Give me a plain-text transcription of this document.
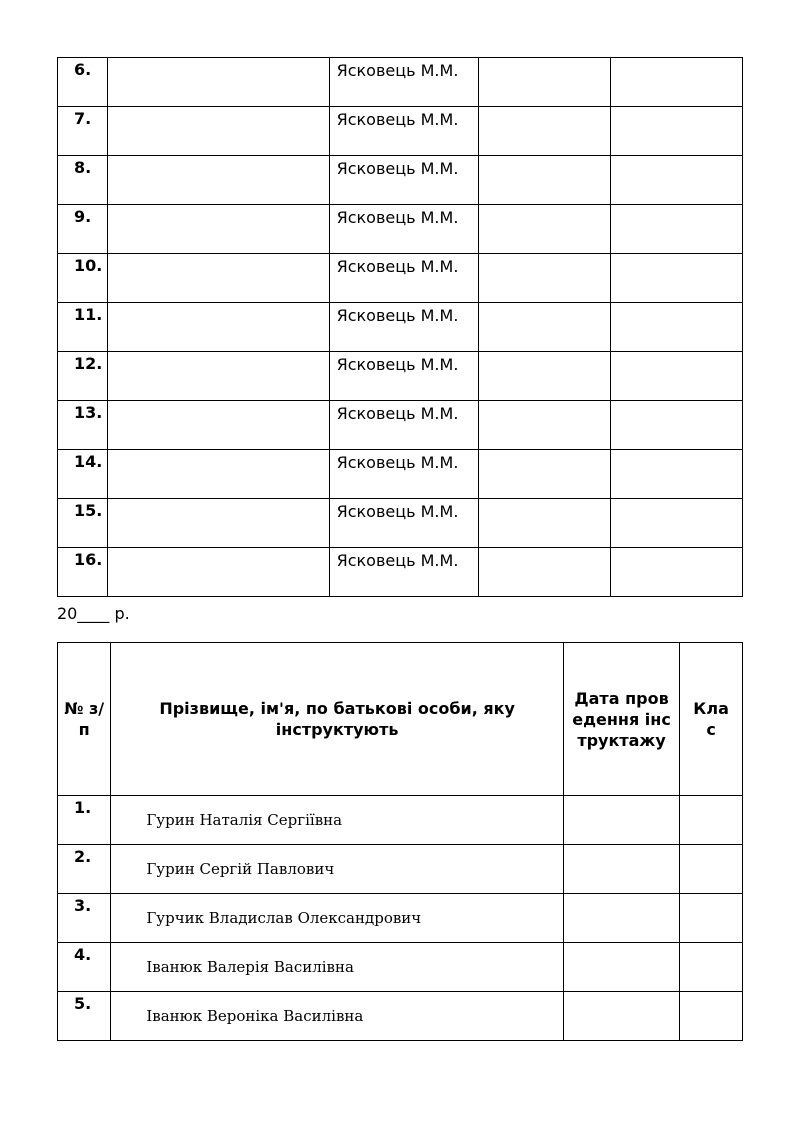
6.		Ясковець М.М.		
7.		Ясковець М.М.		
8.		Ясковець М.М.		
9.		Ясковець М.М.		
10.		Ясковець М.М.		
11.		Ясковець М.М.		
12.		Ясковець М.М.		
13.		Ясковець М.М.		
14.		Ясковець М.М.		
15.		Ясковець М.М.		
16.		Ясковець М.М.		
20____ р.
№ з/п	Прізвище, ім'я, по батькові особи, яку інструктують	Дата проведення інструктажу	Клас
1.	Гурин Наталія Сергіївна		
2.	Гурин Сергій Павлович		
3.	Гурчик Владислав Олександрович		
4.	Іванюк Валерія Василівна		
5.	Іванюк Вероніка Василівна		
